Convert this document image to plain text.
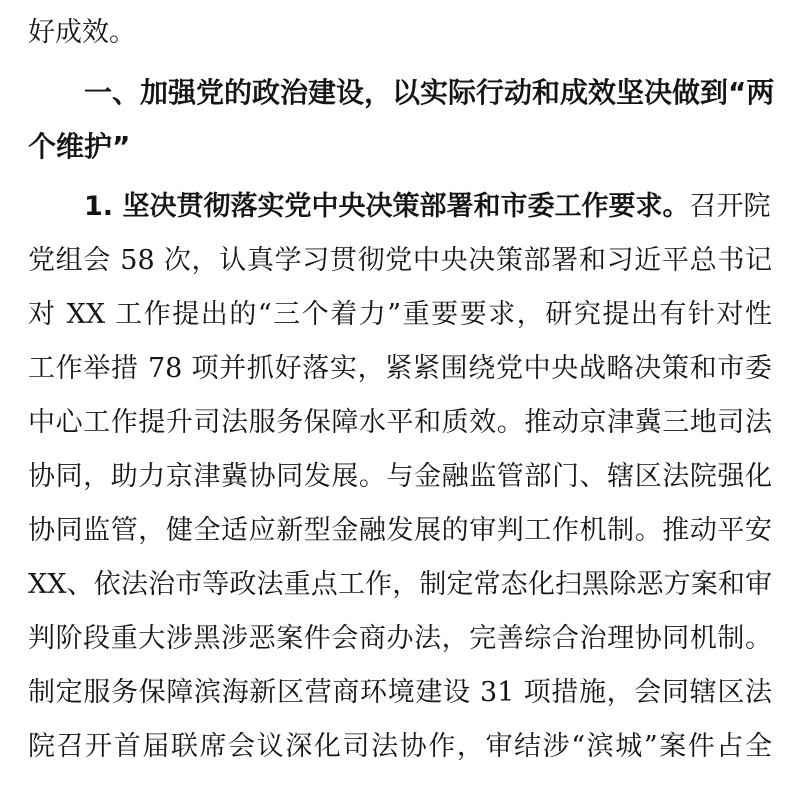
好成效。
一、加强党的政治建设，以实际行动和成效坚决做到“两
个维护”
1. 坚决贯彻落实党中央决策部署和市委工作要求。召开院
党组会 58 次，认真学习贯彻党中央决策部署和习近平总书记
对 XX 工作提出的“三个着力”重要要求，研究提出有针对性
工作举措 78 项并抓好落实，紧紧围绕党中央战略决策和市委
中心工作提升司法服务保障水平和质效。推动京津冀三地司法
协同，助力京津冀协同发展。与金融监管部门、辖区法院强化
协同监管，健全适应新型金融发展的审判工作机制。推动平安
XX、依法治市等政法重点工作，制定常态化扫黑除恶方案和审
判阶段重大涉黑涉恶案件会商办法，完善综合治理协同机制。
制定服务保障滨海新区营商环境建设 31 项措施，会同辖区法
院召开首届联席会议深化司法协作，审结涉“滨城”案件占全
